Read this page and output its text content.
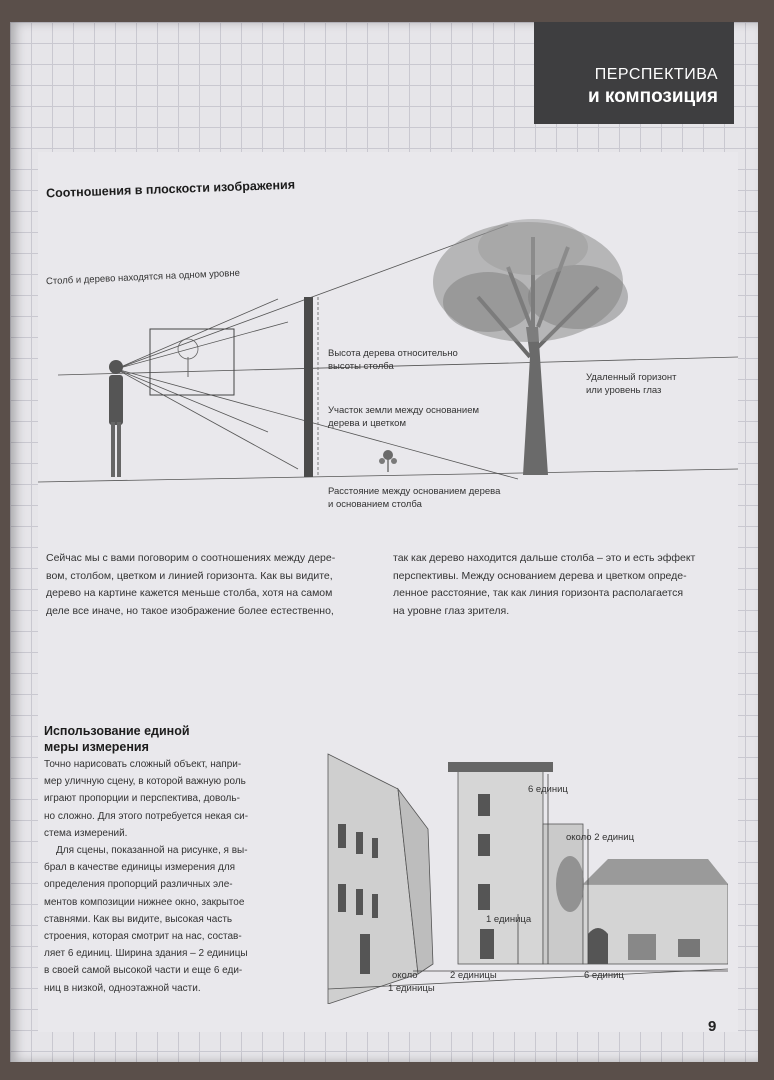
ПЕРСПЕКТИВА
и композиция
Соотношения в плоскости изображения
Столб и дерево находятся на одном уровне
Высота дерева относительно
высоты столба
Участок земли между основанием
дерева и цветком
Расстояние между основанием дерева
и основанием столба
Удаленный горизонт
или уровень глаз

Сейчас мы с вами поговорим о соотношениях между дере-

вом, столбом, цветком и линией горизонта. Как вы видите,

дерево на картине кажется меньше столба, хотя на самом

деле все иначе, но такое изображение более естественно,

так как дерево находится дальше столба – это и есть эффект

перспективы. Между основанием дерева и цветком опреде-

ленное расстояние, так как линия горизонта располагается

на уровне глаз зрителя.

Использование единой
меры измерения

Точно нарисовать сложный объект, напри-

мер уличную сцену, в которой важную роль

играют пропорции и перспектива, доволь-

но сложно. Для этого потребуется некая си-

стема измерений.

Для сцены, показанной на рисунке, я вы-

брал в качестве единицы измерения для

определения пропорций различных эле-

ментов композиции нижнее окно, закрытое

ставнями. Как вы видите, высокая часть

строения, которая смотрит на нас, состав-

ляет 6 единиц. Ширина здания – 2 единицы

в своей самой высокой части и еще 6 еди-

ниц в низкой, одноэтажной части.

6 единиц
около 2 единиц
1 единица
около
1 единицы
2 единицы	6 единиц
9
